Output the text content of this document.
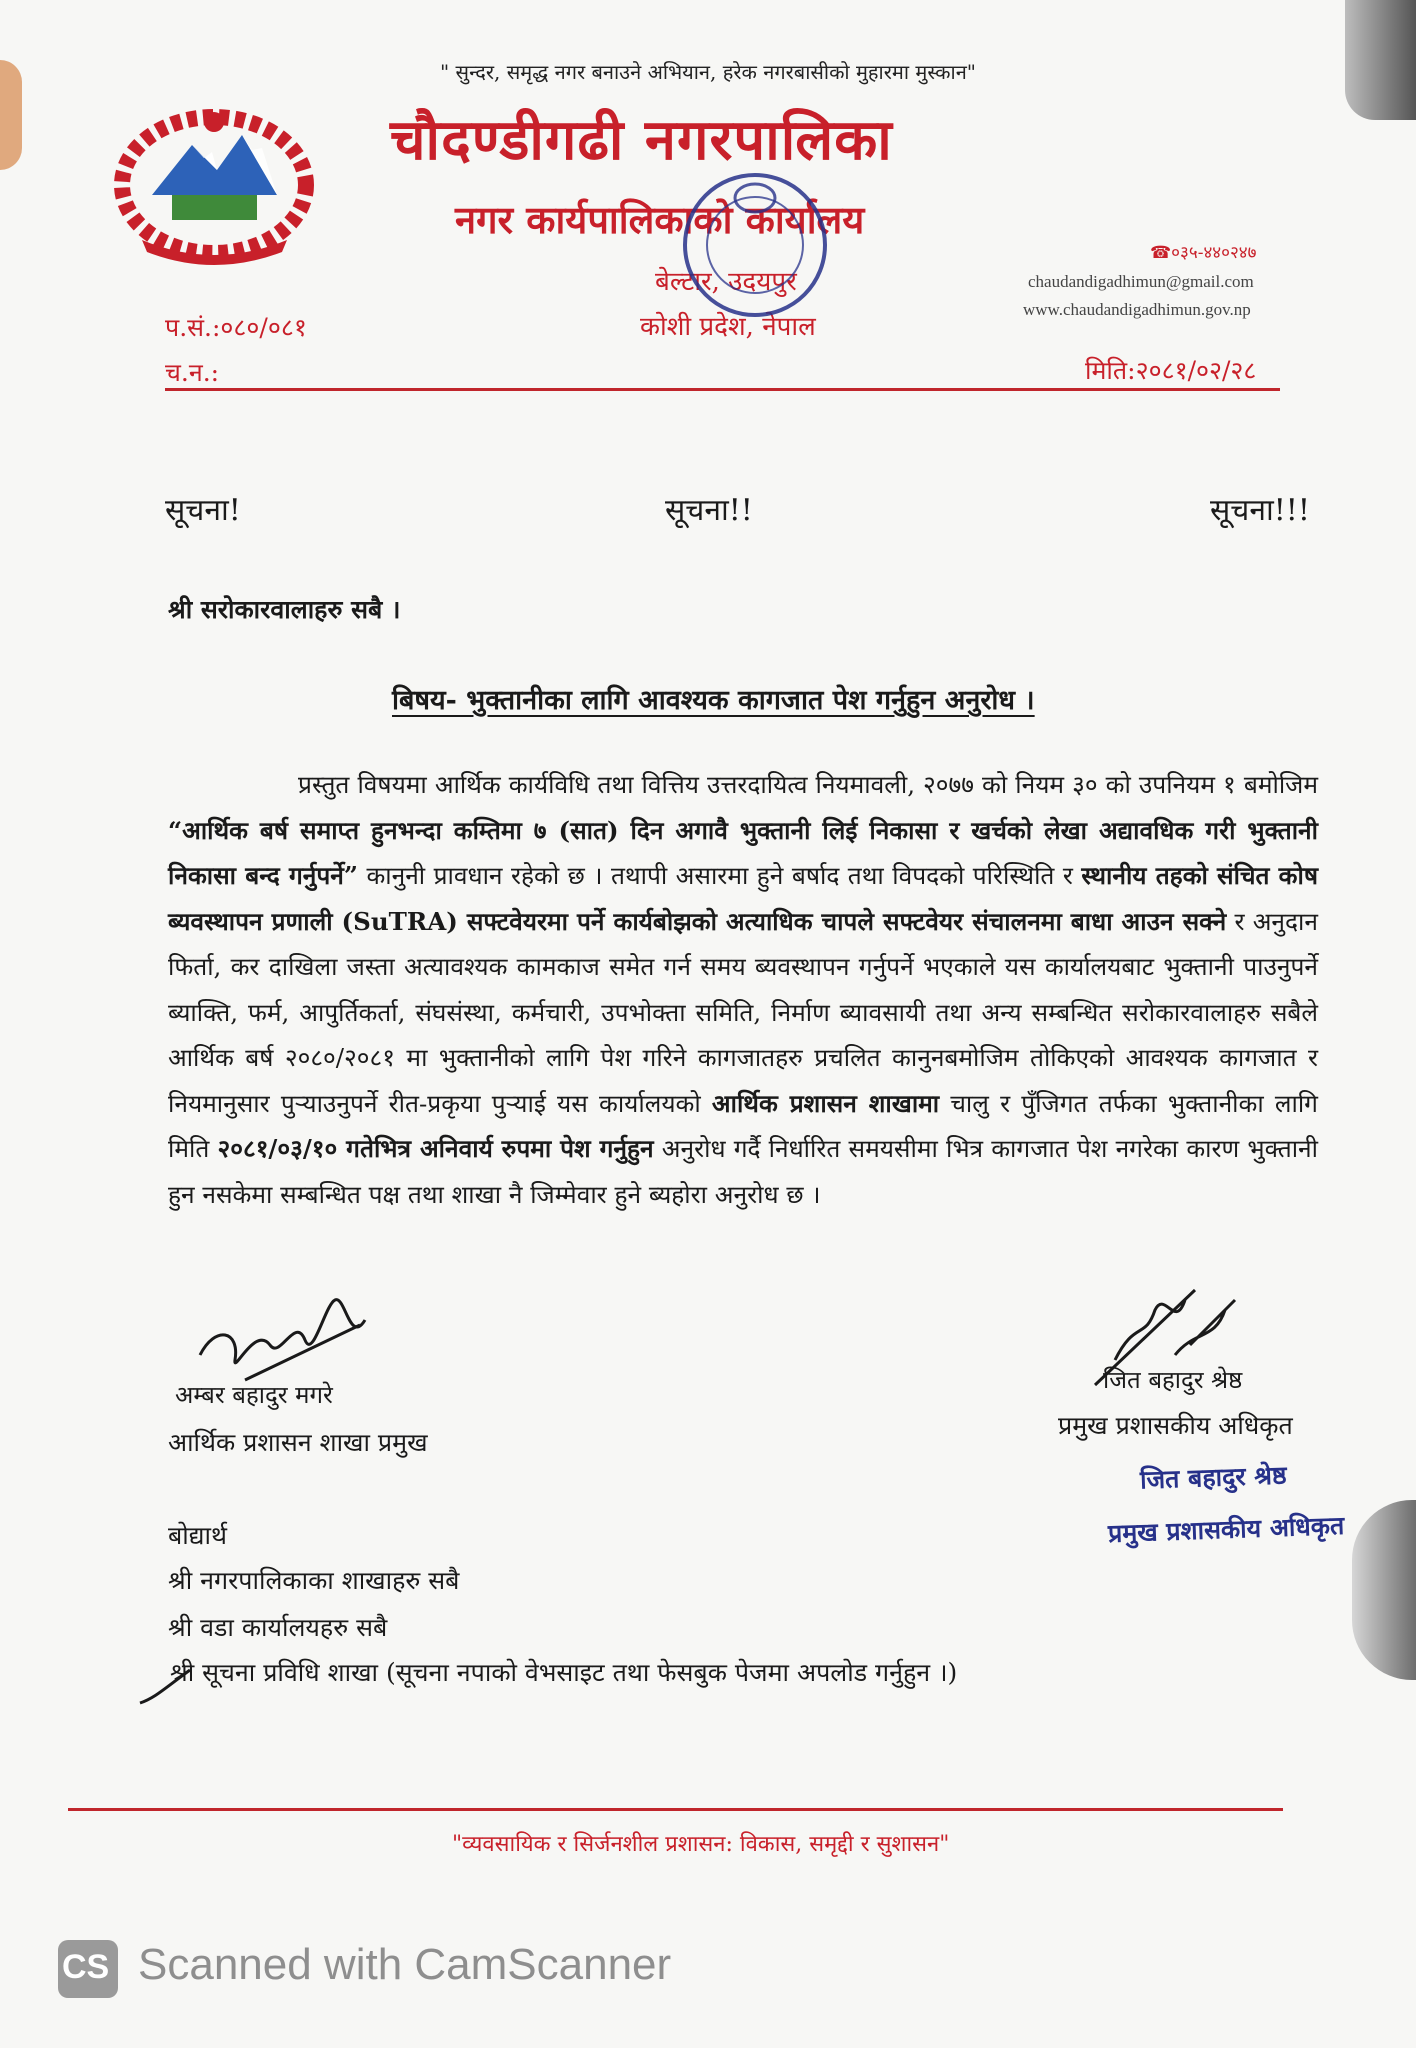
" सुन्दर, समृद्ध नगर बनाउने अभियान, हरेक नगरबासीको मुहारमा मुस्कान"
चौदण्डीगढी नगरपालिका
नगर कार्यपालिकाको कार्यालय
बेल्टार, उदयपुर
कोशी प्रदेश, नेपाल
☎०३५-४४०२४७
chaudandigadhimun@gmail.com
www.chaudandigadhimun.gov.np
प.सं.:०८०/०८१
च.न.:	मिति:२०८१/०२/२८
सूचना!	सूचना!!	सूचना!!!
श्री सरोकारवालाहरु सबै ।
बिषय- भुक्तानीका लागि आवश्यक कागजात पेश गर्नुहुन अनुरोध ।
प्रस्तुत विषयमा आर्थिक कार्यविधि तथा वित्तिय उत्तरदायित्व नियमावली, २०७७ को नियम ३० को उपनियम १ बमोजिम “आर्थिक बर्ष समाप्त हुनभन्दा कम्तिमा ७ (सात) दिन अगावै भुक्तानी लिई निकासा र खर्चको लेखा अद्यावधिक गरी भुक्तानी निकासा बन्द गर्नुपर्ने” कानुनी प्रावधान रहेको छ । तथापी असारमा हुने बर्षाद तथा विपदको परिस्थिति र स्थानीय तहको संचित कोष ब्यवस्थापन प्रणाली (SuTRA) सफ्टवेयरमा पर्ने कार्यबोझको अत्याधिक चापले सफ्टवेयर संचालनमा बाधा आउन सक्ने र अनुदान फिर्ता, कर दाखिला जस्ता अत्यावश्यक कामकाज समेत गर्न समय ब्यवस्थापन गर्नुपर्ने भएकाले यस कार्यालयबाट भुक्तानी पाउनुपर्ने ब्याक्ति, फर्म, आपुर्तिकर्ता, संघसंस्था, कर्मचारी, उपभोक्ता समिति, निर्माण ब्यावसायी तथा अन्य सम्बन्धित सरोकारवालाहरु सबैले आर्थिक बर्ष २०८०/२०८१ मा भुक्तानीको लागि पेश गरिने कागजातहरु प्रचलित कानुनबमोजिम तोकिएको आवश्यक कागजात र नियमानुसार पुऱ्याउनुपर्ने रीत-प्रकृया पुऱ्याई यस कार्यालयको आर्थिक प्रशासन शाखामा चालु र पुँजिगत तर्फका भुक्तानीका लागि मिति २०८१/०३/१० गतेभित्र अनिवार्य रुपमा पेश गर्नुहुन अनुरोध गर्दै निर्धारित समयसीमा भित्र कागजात पेश नगरेका कारण भुक्तानी हुन नसकेमा सम्बन्धित पक्ष तथा शाखा नै जिम्मेवार हुने ब्यहोरा अनुरोध छ ।
अम्बर बहादुर मगरे
आर्थिक प्रशासन शाखा प्रमुख
जित बहादुर श्रेष्ठ
प्रमुख प्रशासकीय अधिकृत
जित बहादुर श्रेष्ठ
प्रमुख प्रशासकीय अधिकृत
बोद्यार्थ
श्री नगरपालिकाका शाखाहरु सबै
श्री वडा कार्यालयहरु सबै
श्री सूचना प्रविधि शाखा (सूचना नपाको वेभसाइट तथा फेसबुक पेजमा अपलोड गर्नुहुन ।)
"व्यवसायिक र सिर्जनशील प्रशासन: विकास, समृद्दी र सुशासन"
CS Scanned with CamScanner
